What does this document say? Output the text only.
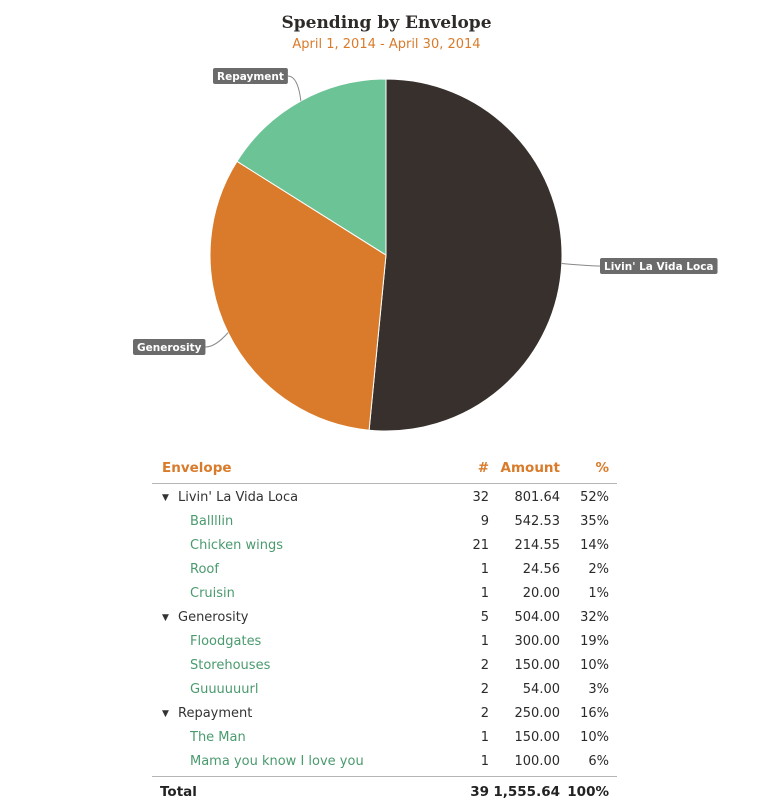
Spending by Envelope
April 1, 2014 - April 30, 2014
Livin' La Vida Loca
Generosity
Repayment
Envelope	# Amount	%
▼ Livin' La Vida Loca	32 801.64 52%
Ballllin	9 542.53 35%
Chicken wings	21 214.55 14%
Roof	1	24.56 2%
Cruisin	1	20.00 1%
▼ Generosity	5 504.00 32%
Floodgates	1 300.00 19%
Storehouses	2 150.00 10%
Guuuuuurl	2	54.00 3%
▼ Repayment	2 250.00 16%
The Man	1 150.00 10%
Mama you know I love you	1 100.00 6%
Total	39 1,555.64 100%
